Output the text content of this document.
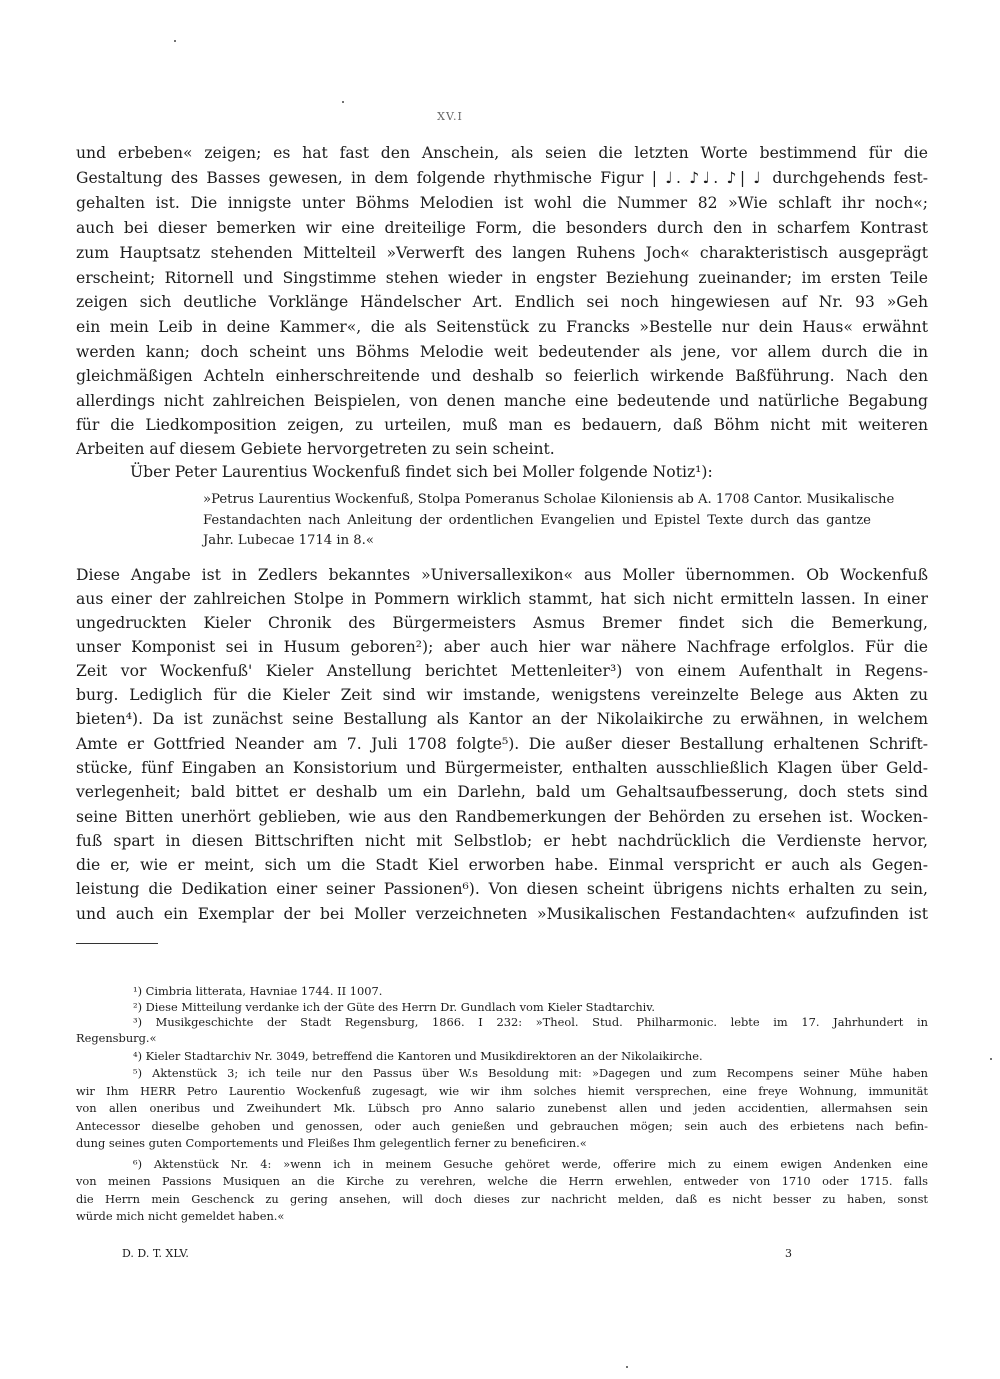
XV.I
und erbeben« zeigen; es hat fast den Anschein, als seien die letzten Worte bestimmend für die
Gestaltung des Basses gewesen, in dem folgende rhythmische Figur | ♩. ♪♩. ♪| ♩ durchgehends fest-
gehalten ist. Die innigste unter Böhms Melodien ist wohl die Nummer 82 »Wie schlaft ihr noch«;
auch bei dieser bemerken wir eine dreiteilige Form, die besonders durch den in scharfem Kontrast
zum Hauptsatz stehenden Mittelteil »Verwerft des langen Ruhens Joch« charakteristisch ausgeprägt
erscheint; Ritornell und Singstimme stehen wieder in engster Beziehung zueinander; im ersten Teile
zeigen sich deutliche Vorklänge Händelscher Art. Endlich sei noch hingewiesen auf Nr. 93 »Geh
ein mein Leib in deine Kammer«, die als Seitenstück zu Francks »Bestelle nur dein Haus« erwähnt
werden kann; doch scheint uns Böhms Melodie weit bedeutender als jene, vor allem durch die in
gleichmäßigen Achteln einherschreitende und deshalb so feierlich wirkende Baßführung. Nach den
allerdings nicht zahlreichen Beispielen, von denen manche eine bedeutende und natürliche Begabung
für die Liedkomposition zeigen, zu urteilen, muß man es bedauern, daß Böhm nicht mit weiteren
Arbeiten auf diesem Gebiete hervorgetreten zu sein scheint.
Über Peter Laurentius Wockenfuß findet sich bei Moller folgende Notiz¹):
»Petrus Laurentius Wockenfuß, Stolpa Pomeranus Scholae Kiloniensis ab A. 1708 Cantor. Musikalische
Festandachten nach Anleitung der ordentlichen Evangelien und Epistel Texte durch das gantze
Jahr. Lubecae 1714 in 8.«
Diese Angabe ist in Zedlers bekanntes »Universallexikon« aus Moller übernommen. Ob Wockenfuß
aus einer der zahlreichen Stolpe in Pommern wirklich stammt, hat sich nicht ermitteln lassen. In einer
ungedruckten Kieler Chronik des Bürgermeisters Asmus Bremer findet sich die Bemerkung,
unser Komponist sei in Husum geboren²); aber auch hier war nähere Nachfrage erfolglos. Für die
Zeit vor Wockenfuß' Kieler Anstellung berichtet Mettenleiter³) von einem Aufenthalt in Regens-
burg. Lediglich für die Kieler Zeit sind wir imstande, wenigstens vereinzelte Belege aus Akten zu
bieten⁴). Da ist zunächst seine Bestallung als Kantor an der Nikolaikirche zu erwähnen, in welchem
Amte er Gottfried Neander am 7. Juli 1708 folgte⁵). Die außer dieser Bestallung erhaltenen Schrift-
stücke, fünf Eingaben an Konsistorium und Bürgermeister, enthalten ausschließlich Klagen über Geld-
verlegenheit; bald bittet er deshalb um ein Darlehn, bald um Gehaltsaufbesserung, doch stets sind
seine Bitten unerhört geblieben, wie aus den Randbemerkungen der Behörden zu ersehen ist. Wocken-
fuß spart in diesen Bittschriften nicht mit Selbstlob; er hebt nachdrücklich die Verdienste hervor,
die er, wie er meint, sich um die Stadt Kiel erworben habe. Einmal verspricht er auch als Gegen-
leistung die Dedikation einer seiner Passionen⁶). Von diesen scheint übrigens nichts erhalten zu sein,
und auch ein Exemplar der bei Moller verzeichneten »Musikalischen Festandachten« aufzufinden ist
¹) Cimbria litterata, Havniae 1744. II 1007.
²) Diese Mitteilung verdanke ich der Güte des Herrn Dr. Gundlach vom Kieler Stadtarchiv.
³) Musikgeschichte der Stadt Regensburg, 1866. I 232: »Theol. Stud. Philharmonic. lebte im 17. Jahrhundert in
Regensburg.«
⁴) Kieler Stadtarchiv Nr. 3049, betreffend die Kantoren und Musikdirektoren an der Nikolaikirche.
⁵) Aktenstück 3; ich teile nur den Passus über W.s Besoldung mit: »Dagegen und zum Recompens seiner Mühe haben
wir Ihm HERR Petro Laurentio Wockenfuß zugesagt, wie wir ihm solches hiemit versprechen, eine freye Wohnung, immunität
von allen oneribus und Zweihundert Mk. Lübsch pro Anno salario zunebenst allen und jeden accidentien, allermahsen sein
Antecessor dieselbe gehoben und genossen, oder auch genießen und gebrauchen mögen; sein auch des erbietens nach befin-
dung seines guten Comportements und Fleißes Ihm gelegentlich ferner zu beneficiren.«
⁶) Aktenstück Nr. 4: »wenn ich in meinem Gesuche gehöret werde, offerire mich zu einem ewigen Andenken eine
von meinen Passions Musiquen an die Kirche zu verehren, welche die Herrn erwehlen, entweder von 1710 oder 1715. falls
die Herrn mein Geschenck zu gering ansehen, will doch dieses zur nachricht melden, daß es nicht besser zu haben, sonst
würde mich nicht gemeldet haben.«
D. D. T. XLV.	3
